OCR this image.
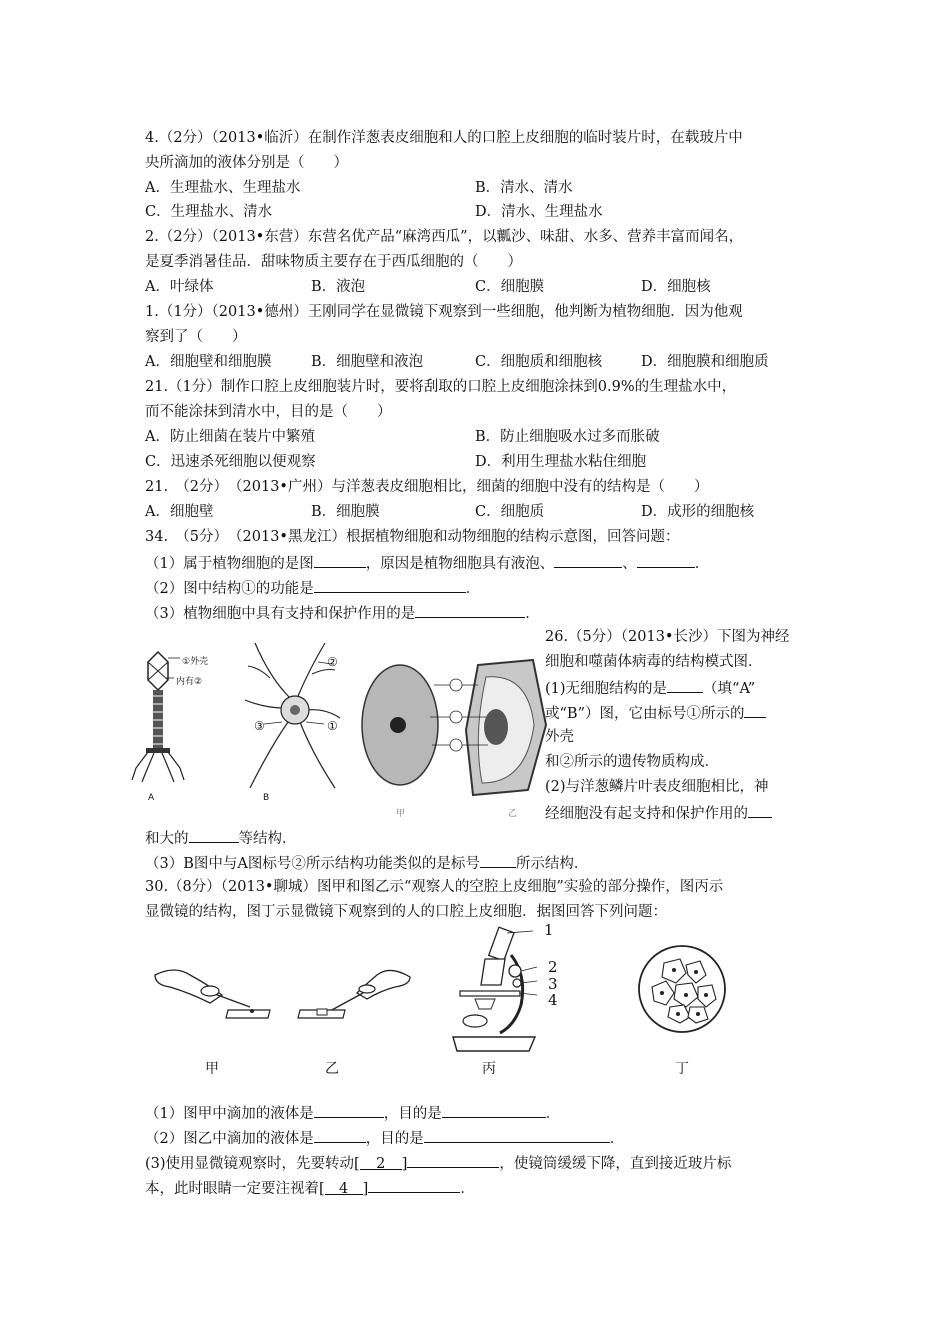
4.（2分）（2013•临沂）在制作洋葱表皮细胞和人的口腔上皮细胞的临时装片时，在载玻片中
央所滴加的液体分别是（　　）
A．生理盐水、生理盐水	B．清水、清水
C．生理盐水、清水	D．清水、生理盐水
2.（2分）（2013•东营）东营名优产品“麻湾西瓜”，以瓤沙、味甜、水多、营养丰富而闻名，
是夏季消暑佳品．甜味物质主要存在于西瓜细胞的（　　）
A．叶绿体	B．液泡	C．细胞膜	D．细胞核
1.（1分）（2013•德州）王刚同学在显微镜下观察到一些细胞，他判断为植物细胞．因为他观
察到了（　　）
A．细胞壁和细胞膜	B．细胞壁和液泡	C．细胞质和细胞核	D．细胞膜和细胞质
21.（1分）制作口腔上皮细胞装片时，要将刮取的口腔上皮细胞涂抹到0.9%的生理盐水中，
而不能涂抹到清水中，目的是（　　）
A．防止细菌在装片中繁殖	B．防止细胞吸水过多而胀破
C．迅速杀死细胞以便观察	D．利用生理盐水粘住细胞
21.　（2分）　（2013•广州）与洋葱表皮细胞相比，细菌的细胞中没有的结构是（　　）
A．细胞壁	B．细胞膜	C．细胞质	D．成形的细胞核
34.　（5分）　（2013•黑龙江）根据植物细胞和动物细胞的结构示意图，回答问题：
（1）属于植物细胞的是图	，原因是植物细胞具有液泡、	、	．
（2）图中结构①的功能是	．
（3）植物细胞中具有支持和保护作用的是	．
26.（5分）（2013•长沙）下图为神经
细胞和噬菌体病毒的结构模式图．
(1)无细胞结构的是 （填“A”
或“B”）图，它由标号①所示的
外壳
和②所示的遗传物质构成．
(2)与洋葱鳞片叶表皮细胞相比，神
经细胞没有起支持和保护作用的
和大的	等结构．
（3）B图中与A图标号②所示结构功能类似的是标号 所示结构．
①外壳
内有②
A
②
③	①
B
甲	乙
30.（8分）（2013•聊城）图甲和图乙示“观察人的空腔上皮细胞”实验的部分操作，图丙示
显微镜的结构，图丁示显微镜下观察到的人的口腔上皮细胞．据图回答下列问题：
1
2
3
4
甲	乙	丙	丁
（1）图甲中滴加的液体是	，目的是	．
（2）图乙中滴加的液体是	，目的是	．
(3)使用显微镜观察时，先要转动[ 2 ]	，使镜筒缓缓下降，直到接近玻片标
本，此时眼睛一定要注视着[ 4 ]	．
